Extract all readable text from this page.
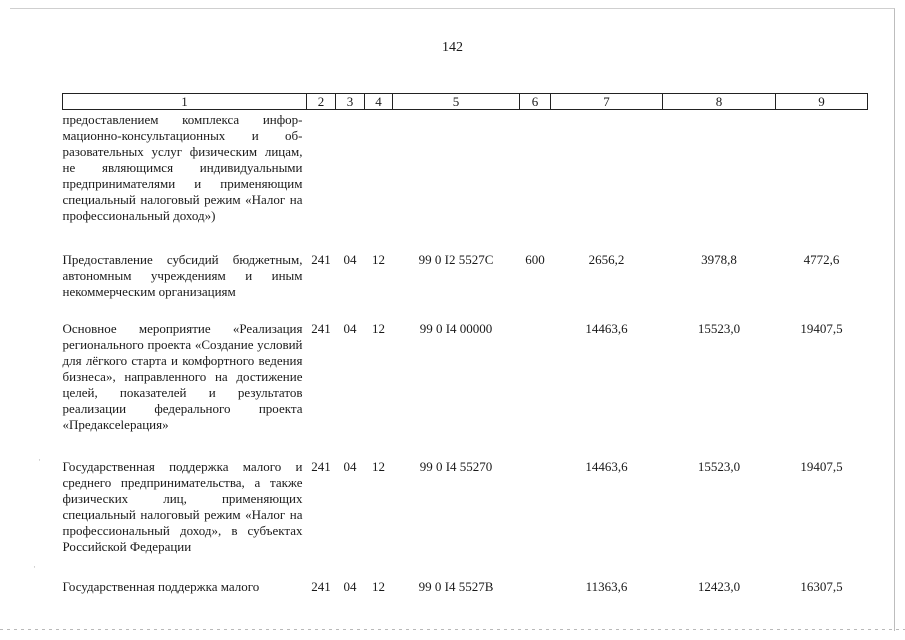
142
1	2	3	4	5	6	7	8	9
предоставлением комплекса информационно-консультационных и образовательных услуг физическим лицам, не являющимся индивидуальными предпринимателями и применяющим специальный налоговый режим «Налог на профессиональный доход»)								
Предоставление субсидий бюджетным, автономным учреждениям и иным некоммерческим организациям	241	04	12	99 0 I2 5527C	600	2656,2	3978,8	4772,6
Основное мероприятие «Реализация регионального проекта «Создание условий для лёгкого старта и комфортного ведения бизнеса», направленного на достижение целей, показателей и результатов реализации федерального проекта «Предаксеleрация»	241	04	12	99 0 I4 00000		14463,6	15523,0	19407,5
Государственная поддержка малого и среднего предпринимательства, а также физических лиц, применяющих специальный налоговый режим «Налог на профессиональный доход», в субъектах Российской Федерации	241	04	12	99 0 I4 55270		14463,6	15523,0	19407,5
Государственная поддержка малого	241	04	12	99 0 I4 5527B		11363,6	12423,0	16307,5
·
·
